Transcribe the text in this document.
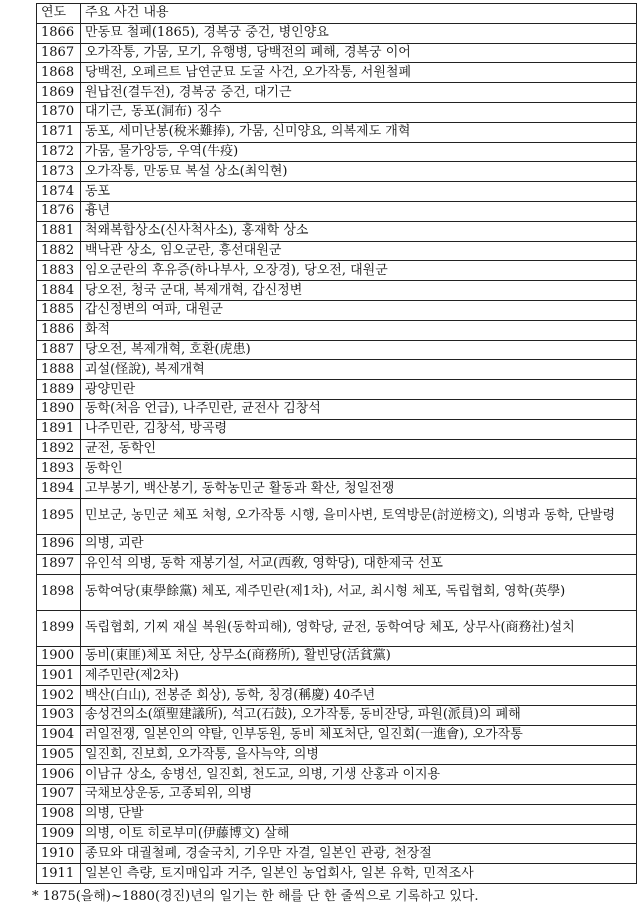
연도	주요 사건 내용
1866	만동묘 철폐(1865), 경복궁 중건, 병인양요
1867	오가작통, 가뭄, 모기, 유행병, 당백전의 폐해, 경복궁 이어
1868	당백전, 오페르트 남연군묘 도굴 사건, 오가작통, 서원철폐
1869	원납전(결두전), 경복궁 중건, 대기근
1870	대기근, 동포(洞布) 징수
1871	동포, 세미난봉(稅米難捧), 가뭄, 신미양요, 의복제도 개혁
1872	가뭄, 물가앙등, 우역(牛疫)
1873	오가작통, 만동묘 복설 상소(최익현)
1874	동포
1876	흉년
1881	척왜복합상소(신사척사소), 홍재학 상소
1882	백낙관 상소, 임오군란, 흥선대원군
1883	임오군란의 후유증(하나부사, 오장경), 당오전, 대원군
1884	당오전, 청국 군대, 복제개혁, 갑신정변
1885	갑신정변의 여파, 대원군
1886	화적
1887	당오전, 복제개혁, 호환(虎患)
1888	괴설(怪說), 복제개혁
1889	광양민란
1890	동학(처음 언급), 나주민란, 균전사 김창석
1891	나주민란, 김창석, 방곡령
1892	균전, 동학인
1893	동학인
1894	고부봉기, 백산봉기, 동학농민군 활동과 확산, 청일전쟁
1895	민보군, 농민군 체포 처형, 오가작통 시행, 을미사변, 토역방문(討逆榜文), 의병과 동학, 단발령
1896	의병, 괴란
1897	유인석 의병, 동학 재봉기설, 서교(西敎, 영학당), 대한제국 선포
1898	동학여당(東學餘黨) 체포, 제주민란(제1차), 서교, 최시형 체포, 독립협회, 영학(英學)
1899	독립협회, 기찌 재실 복원(동학피해), 영학당, 균전, 동학여당 체포, 상무사(商務社)설치
1900	동비(東匪)체포 처단, 상무소(商務所), 활빈당(活貧黨)
1901	제주민란(제2차)
1902	백산(白山), 전봉준 회상), 동학, 칭경(稱慶) 40주년
1903	송성건의소(頌聖建議所), 석고(石鼓), 오가작통, 동비잔당, 파원(派員)의 폐해
1904	러일전쟁, 일본인의 약탈, 인부동원, 동비 체포처단, 일진회(一進會), 오가작통
1905	일진회, 진보회, 오가작통, 을사늑약, 의병
1906	이남규 상소, 송병선, 일진회, 천도교, 의병, 기생 산홍과 이지용
1907	국채보상운동, 고종퇴위, 의병
1908	의병, 단발
1909	의병, 이토 히로부미(伊藤博文) 살해
1910	종묘와 대궐철폐, 경술국치, 기우만 자결, 일본인 관광, 천장절
1911	일본인 측량, 토지매입과 거주, 일본인 농업회사, 일본 유학, 민적조사
* 1875(을해)~1880(경진)년의 일기는 한 해를 단 한 줄씩으로 기록하고 있다.
